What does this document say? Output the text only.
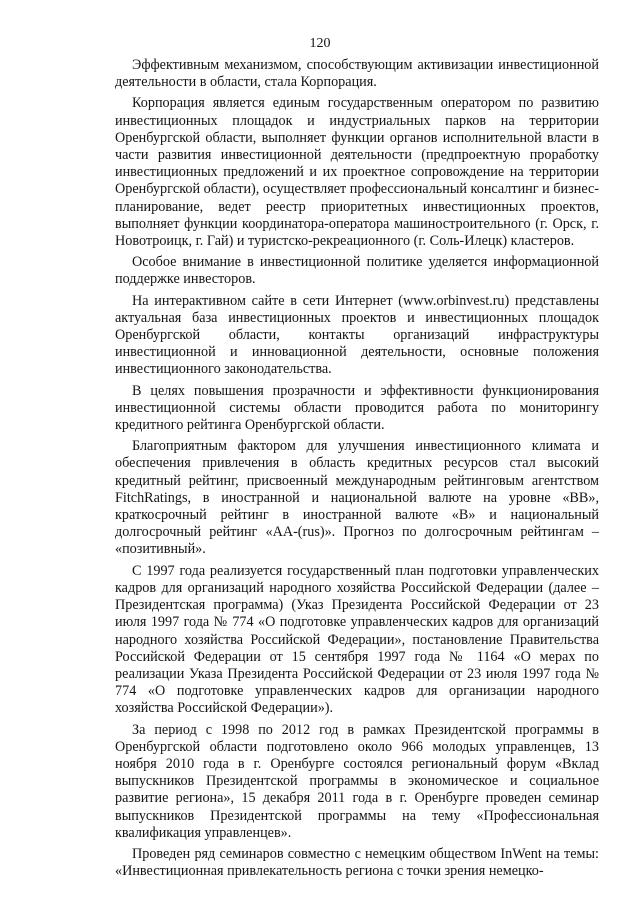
120

Эффективным механизмом, способствующим активизации инвестиционной деятельности в области, стала Корпорация.

Корпорация является единым государственным оператором по развитию инвестиционных площадок и индустриальных парков на территории Оренбургской области, выполняет функции органов исполнительной власти в части развития инвестиционной деятельности (предпроектную проработку инвестиционных предложений и их проектное сопровождение на территории Оренбургской области), осуществляет профессиональный консалтинг и бизнес-планирование, ведет реестр приоритетных инвестиционных проектов, выполняет функции координатора-оператора машиностроительного (г. Орск, г. Новотроицк, г. Гай) и туристско-рекреационного (г. Соль-Илецк) кластеров.

Особое внимание в инвестиционной политике уделяется информационной поддержке инвесторов.

На интерактивном сайте в сети Интернет (www.orbinvest.ru) представлены актуальная база инвестиционных проектов и инвестиционных площадок Оренбургской области, контакты организаций инфраструктуры инвестиционной и инновационной деятельности, основные положения инвестиционного законодательства.

В целях повышения прозрачности и эффективности функционирования инвестиционной системы области проводится работа по мониторингу кредитного рейтинга Оренбургской области.

Благоприятным фактором для улучшения инвестиционного климата и обеспечения привлечения в область кредитных ресурсов стал высокий кредитный рейтинг, присвоенный международным рейтинговым агентством FitchRatings, в иностранной и национальной валюте на уровне «ВВ», краткосрочный рейтинг в иностранной валюте «В» и национальный долгосрочный рейтинг «АА-(rus)». Прогноз по долгосрочным рейтингам – «позитивный».

С 1997 года реализуется государственный план подготовки управленческих кадров для организаций народного хозяйства Российской Федерации (далее – Президентская программа) (Указ Президента Российской Федерации от 23 июля 1997 года № 774 «О подготовке управленческих кадров для организаций народного хозяйства Российской Федерации», постановление Правительства Российской Федерации от 15 сентября 1997 года № 1164 «О мерах по реализации Указа Президента Российской Федерации от 23 июля 1997 года № 774 «О подготовке управленческих кадров для организации народного хозяйства Российской Федерации»).

За период с 1998 по 2012 год в рамках Президентской программы в Оренбургской области подготовлено около 966 молодых управленцев, 13 ноября 2010 года в г. Оренбурге состоялся региональный форум «Вклад выпускников Президентской программы в экономическое и социальное развитие региона», 15 декабря 2011 года в г. Оренбурге проведен семинар выпускников Президентской программы на тему «Профессиональная квалификация управленцев».

Проведен ряд семинаров совместно с немецким обществом InWent на темы: «Инвестиционная привлекательность региона с точки зрения немецко-
